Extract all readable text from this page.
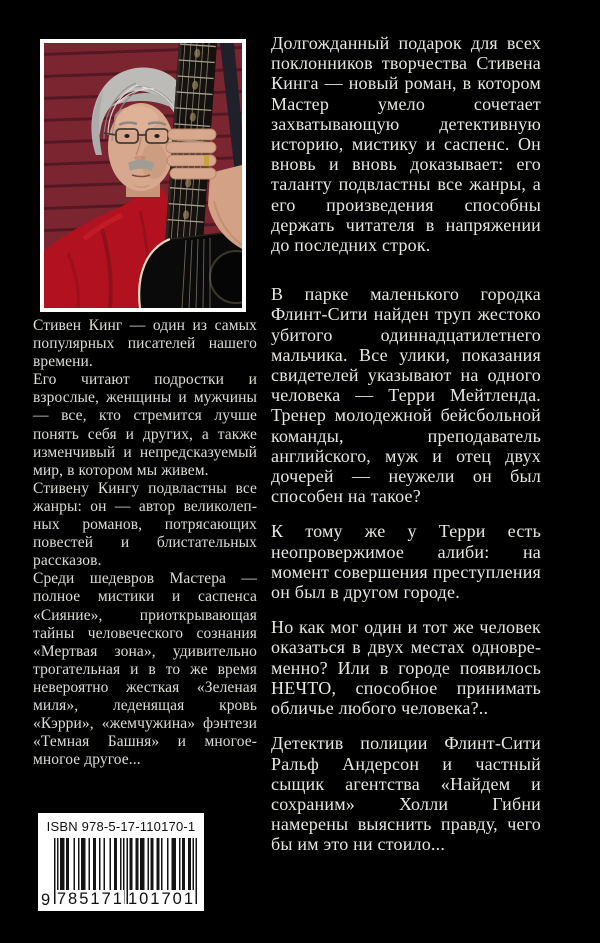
Долгожданный подарок для всех поклонников творчества Стивена Кинга — новый роман, в котором Мастер умело сочетает захватывающую детективную историю, мистику и саспенс. Он вновь и вновь доказывает: его таланту подвластны все жанры, а его произведения способны держать читателя в напряжении до последних строк.

В парке маленького городка Флинт-Сити найден труп жестоко убитого одиннадцатилетнего мальчика. Все улики, показания свидетелей указывают на одного человека — Терри Мейтленда. Тренер молодежной бейсбольной команды, преподаватель английского, муж и отец двух дочерей — неужели он был способен на такое?

К тому же у Терри есть неопровержимое алиби: на момент совершения преступления он был в другом городе.

Но как мог один и тот же человек оказаться в двух местах одновременно? Или в городе появилось НЕЧТО, способное принимать обличье любого человека?..

Детектив полиции Флинт-Сити Ральф Андерсон и частный сыщик агентства «Найдем и сохраним» Холли Гибни намерены выяснить правду, чего бы им это ни стоило...

Стивен Кинг — один из самых популярных писателей нашего времени.

Его читают подростки и взрослые, женщины и мужчины — все, кто стремится лучше понять себя и других, а также изменчивый и непредсказуемый мир, в котором мы живем.

Стивену Кингу подвластны все жанры: он — автор великолепных романов, потрясающих повестей и блистательных рассказов.

Среди шедевров Мастера — полное мистики и саспенса «Сияние», приоткрывающая тайны человеческого сознания «Мертвая зона», удивительно трогательная и в то же время невероятно жесткая «Зеленая миля», леденящая кровь «Кэрри», «жемчужина» фэнтези «Темная Башня» и многое-многое другое...

ISBN 978-5-17-110170-1
9 785171 101701
